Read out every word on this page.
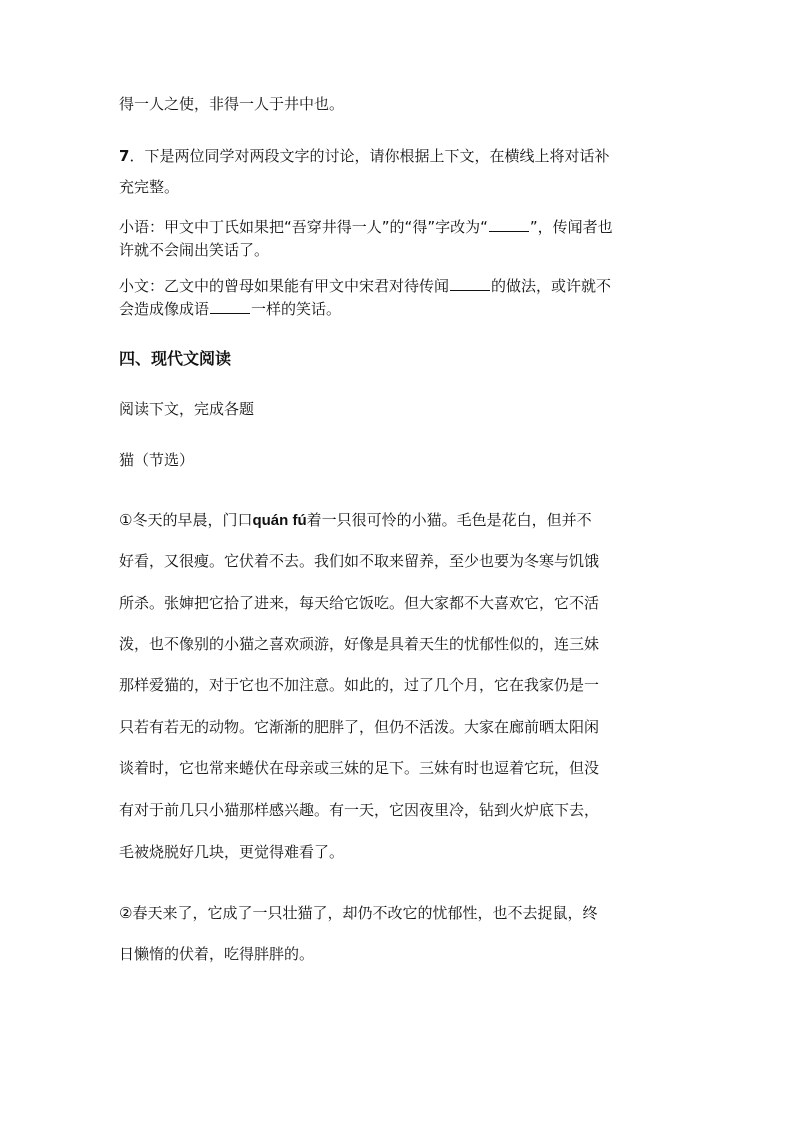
得一人之使，非得一人于井中也。
7．下是两位同学对两段文字的讨论，请你根据上下文，在横线上将对话补
充完整。
小语：甲文中丁氏如果把“吾穿井得一人”的“得”字改为“	”，传闻者也
许就不会闹出笑话了。
小文：乙文中的曾母如果能有甲文中宋君对待传闻	的做法，或许就不
会造成像成语	一样的笑话。
四、现代文阅读
阅读下文，完成各题
猫（节选）
①冬天的早晨，门口quán fú着一只很可怜的小猫。毛色是花白，但并不
好看，又很瘦。它伏着不去。我们如不取来留养，至少也要为冬寒与饥饿
所杀。张婶把它拾了进来，每天给它饭吃。但大家都不大喜欢它，它不活
泼，也不像别的小猫之喜欢顽游，好像是具着天生的忧郁性似的，连三妹
那样爱猫的，对于它也不加注意。如此的，过了几个月，它在我家仍是一
只若有若无的动物。它渐渐的肥胖了，但仍不活泼。大家在廊前晒太阳闲
谈着时，它也常来蜷伏在母亲或三妹的足下。三妹有时也逗着它玩，但没
有对于前几只小猫那样感兴趣。有一天，它因夜里冷，钻到火炉底下去，
毛被烧脱好几块，更觉得难看了。
②春天来了，它成了一只壮猫了，却仍不改它的忧郁性，也不去捉鼠，终
日懒惰的伏着，吃得胖胖的。
